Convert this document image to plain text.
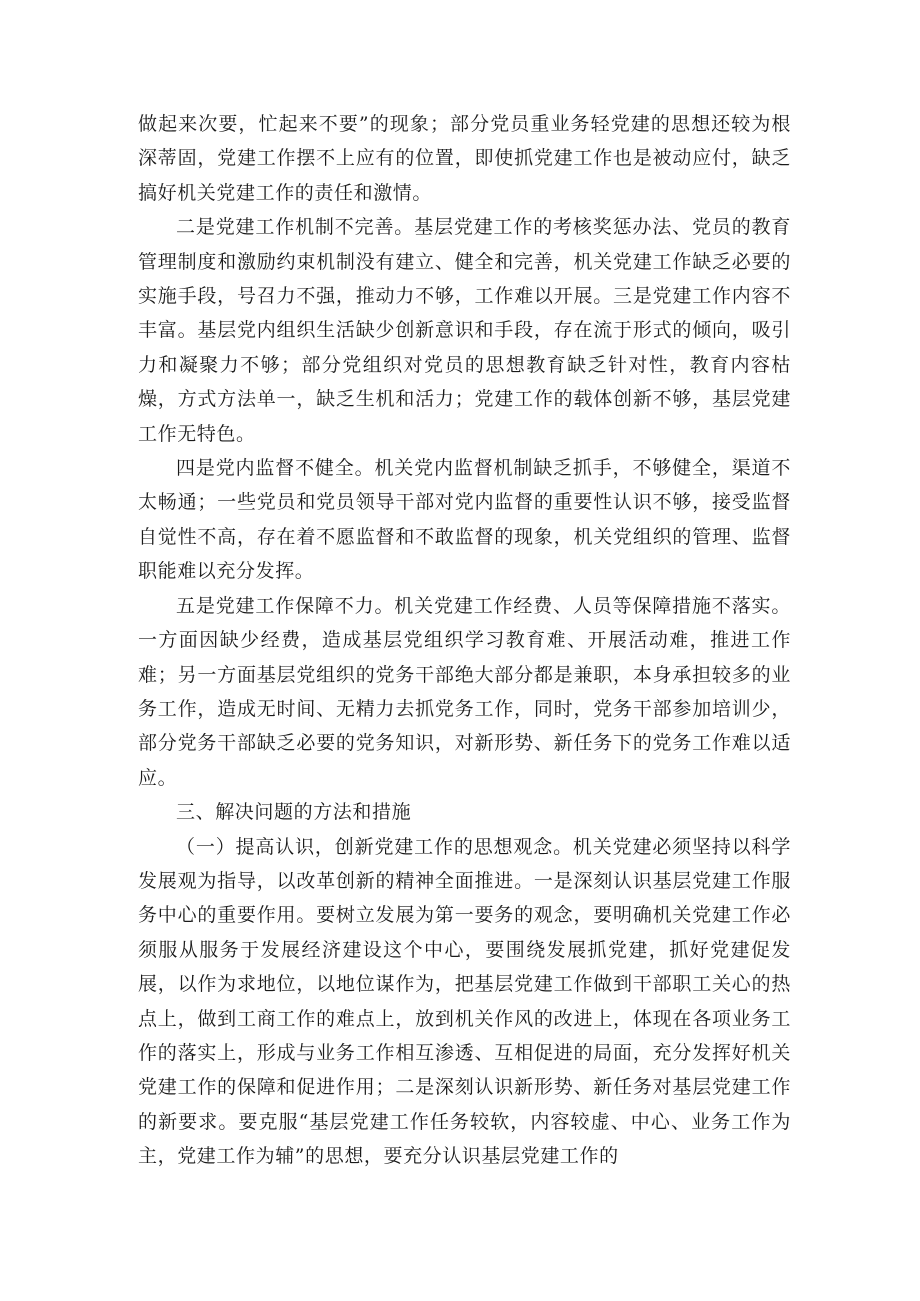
做起来次要，忙起来不要”的现象；部分党员重业务轻党建的思想还较为根深蒂固，党建工作摆不上应有的位置，即使抓党建工作也是被动应付，缺乏搞好机关党建工作的责任和激情。

二是党建工作机制不完善。基层党建工作的考核奖惩办法、党员的教育管理制度和激励约束机制没有建立、健全和完善，机关党建工作缺乏必要的实施手段，号召力不强，推动力不够，工作难以开展。三是党建工作内容不丰富。基层党内组织生活缺少创新意识和手段，存在流于形式的倾向，吸引力和凝聚力不够；部分党组织对党员的思想教育缺乏针对性，教育内容枯燥，方式方法单一，缺乏生机和活力；党建工作的载体创新不够，基层党建工作无特色。

四是党内监督不健全。机关党内监督机制缺乏抓手，不够健全，渠道不太畅通；一些党员和党员领导干部对党内监督的重要性认识不够，接受监督自觉性不高，存在着不愿监督和不敢监督的现象，机关党组织的管理、监督职能难以充分发挥。

五是党建工作保障不力。机关党建工作经费、人员等保障措施不落实。一方面因缺少经费，造成基层党组织学习教育难、开展活动难，推进工作难；另一方面基层党组织的党务干部绝大部分都是兼职，本身承担较多的业务工作，造成无时间、无精力去抓党务工作，同时，党务干部参加培训少，部分党务干部缺乏必要的党务知识，对新形势、新任务下的党务工作难以适应。

三、解决问题的方法和措施

（一）提高认识，创新党建工作的思想观念。机关党建必须坚持以科学发展观为指导，以改革创新的精神全面推进。一是深刻认识基层党建工作服务中心的重要作用。要树立发展为第一要务的观念，要明确机关党建工作必须服从服务于发展经济建设这个中心，要围绕发展抓党建，抓好党建促发展，以作为求地位，以地位谋作为，把基层党建工作做到干部职工关心的热点上，做到工商工作的难点上，放到机关作风的改进上，体现在各项业务工作的落实上，形成与业务工作相互渗透、互相促进的局面，充分发挥好机关党建工作的保障和促进作用；二是深刻认识新形势、新任务对基层党建工作的新要求。要克服“基层党建工作任务较软，内容较虚、中心、业务工作为主，党建工作为辅”的思想，要充分认识基层党建工作的
